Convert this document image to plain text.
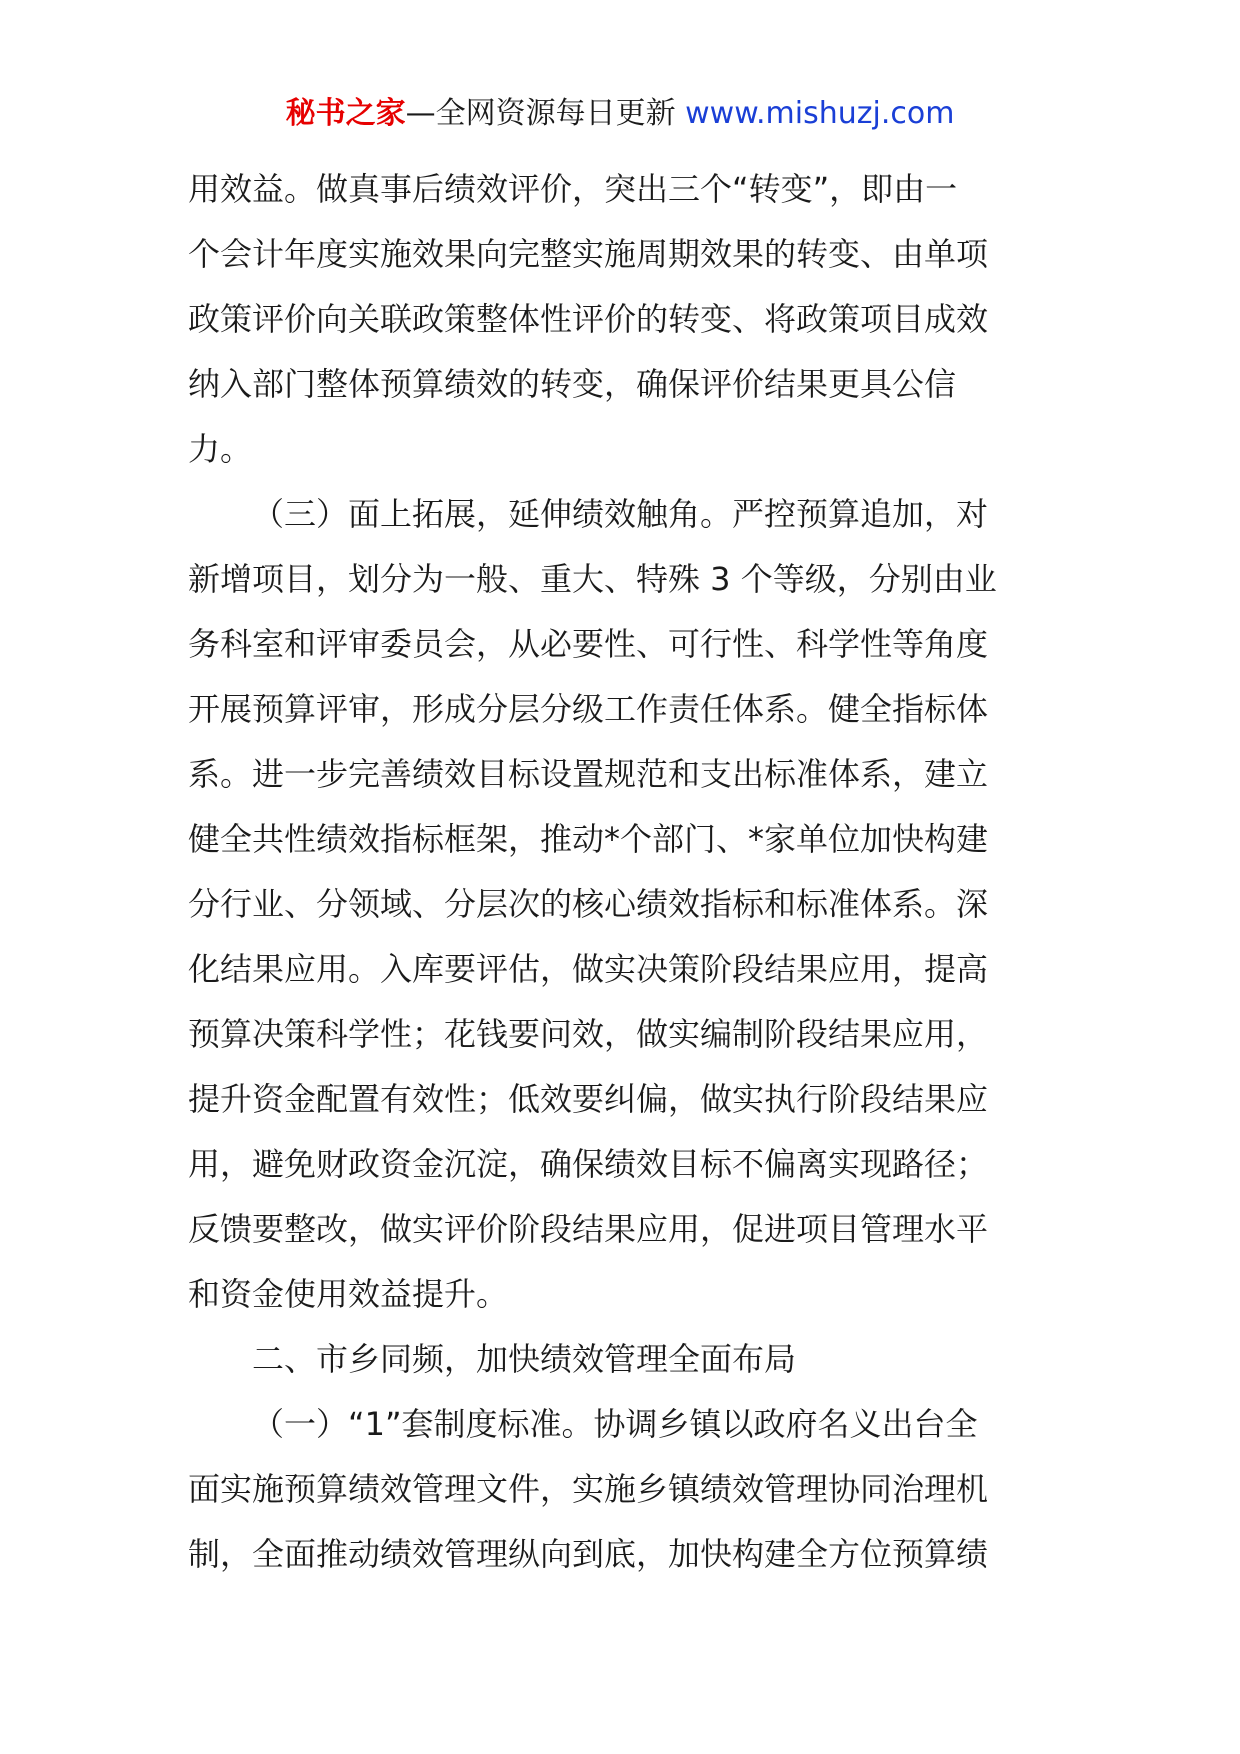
秘书之家—全网资源每日更新 www.mishuzj.com
用效益。做真事后绩效评价，突出三个“转变”，即由一
个会计年度实施效果向完整实施周期效果的转变、由单项
政策评价向关联政策整体性评价的转变、将政策项目成效
纳入部门整体预算绩效的转变，确保评价结果更具公信
力。
（三）面上拓展，延伸绩效触角。严控预算追加，对
新增项目，划分为一般、重大、特殊 3 个等级，分别由业
务科室和评审委员会，从必要性、可行性、科学性等角度
开展预算评审，形成分层分级工作责任体系。健全指标体
系。进一步完善绩效目标设置规范和支出标准体系，建立
健全共性绩效指标框架，推动*个部门、*家单位加快构建
分行业、分领域、分层次的核心绩效指标和标准体系。深
化结果应用。入库要评估，做实决策阶段结果应用，提高
预算决策科学性；花钱要问效，做实编制阶段结果应用，
提升资金配置有效性；低效要纠偏，做实执行阶段结果应
用，避免财政资金沉淀，确保绩效目标不偏离实现路径；
反馈要整改，做实评价阶段结果应用，促进项目管理水平
和资金使用效益提升。
二、市乡同频，加快绩效管理全面布局
（一）“1”套制度标准。协调乡镇以政府名义出台全
面实施预算绩效管理文件，实施乡镇绩效管理协同治理机
制，全面推动绩效管理纵向到底，加快构建全方位预算绩
